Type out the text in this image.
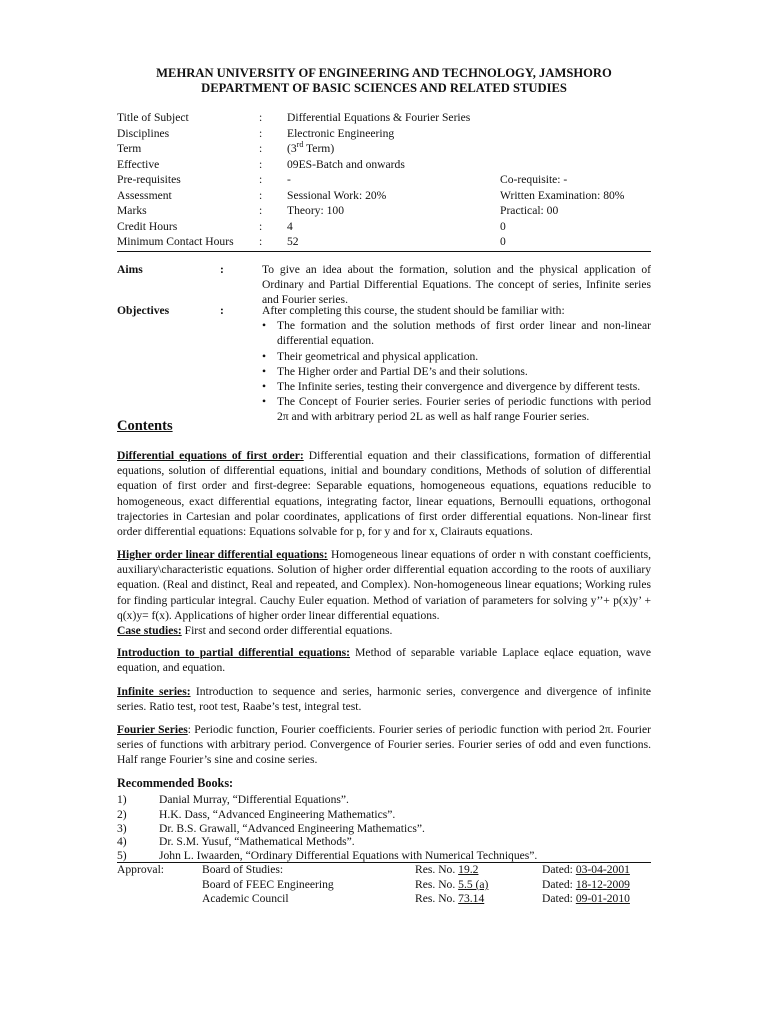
MEHRAN UNIVERSITY OF ENGINEERING AND TECHNOLOGY, JAMSHORO
DEPARTMENT OF BASIC SCIENCES AND RELATED STUDIES
Title of Subject	: Differential Equations & Fourier Series
Disciplines	: Electronic Engineering
Term	: (3rd Term)
Effective	: 09ES-Batch and onwards
Pre-requisites	: -	Co-requisite: -
Assessment	: Sessional Work: 20%	Written Examination: 80%
Marks	: Theory: 100	Practical: 00
Credit Hours	: 4	0
Minimum Contact Hours : 52	0
Aims	:	To give an idea about the formation, solution and the physical application of Ordinary and Partial Differential Equations. The concept of series, Infinite series and Fourier series.
Objectives	:	After completing this course, the student should be familiar with:
• The formation and the solution methods of first order linear and non-linear differential equation.
• Their geometrical and physical application.
• The Higher order and Partial DE’s and their solutions.
• The Infinite series, testing their convergence and divergence by different tests.
• The Concept of Fourier series. Fourier series of periodic functions with period 2π and with arbitrary period 2L as well as half range Fourier series.
Contents
Differential equations of first order: Differential equation and their classifications, formation of differential equations, solution of differential equations, initial and boundary conditions, Methods of solution of differential equation of first order and first-degree: Separable equations, homogeneous equations, equations reducible to homogeneous, exact differential equations, integrating factor, linear equations, Bernoulli equations, orthogonal trajectories in Cartesian and polar coordinates, applications of first order differential equations. Non-linear first order differential equations: Equations solvable for p, for y and for x, Clairauts equations.
Higher order linear differential equations: Homogeneous linear equations of order n with constant coefficients, auxiliary\characteristic equations. Solution of higher order differential equation according to the roots of auxiliary equation. (Real and distinct, Real and repeated, and Complex). Non-homogeneous linear equations; Working rules for finding particular integral. Cauchy Euler equation. Method of variation of parameters for solving y’’+ p(x)y’ + q(x)y= f(x). Applications of higher order linear differential equations.
Case studies: First and second order differential equations.
Introduction to partial differential equations: Method of separable variable Laplace eqlace equation, wave equation, and equation.
Infinite series: Introduction to sequence and series, harmonic series, convergence and divergence of infinite series. Ratio test, root test, Raabe’s test, integral test.
Fourier Series: Periodic function, Fourier coefficients. Fourier series of periodic function with period 2π. Fourier series of functions with arbitrary period. Convergence of Fourier series. Fourier series of odd and even functions. Half range Fourier’s sine and cosine series.
Recommended Books:
1)	Danial Murray, “Differential Equations”.
2)	H.K. Dass, “Advanced Engineering Mathematics”.
3)	Dr. B.S. Grawall, “Advanced Engineering Mathematics”.
4)	Dr. S.M. Yusuf, “Mathematical Methods”.
5)	John L. Iwaarden, “Ordinary Differential Equations with Numerical Techniques”.
Approval:	Board of Studies:	Res. No. 19.2	Dated: 03-04-2001
Board of FEEC Engineering	Res. No. 5.5 (a)	Dated: 18-12-2009
Academic Council	Res. No. 73.14	Dated: 09-01-2010
